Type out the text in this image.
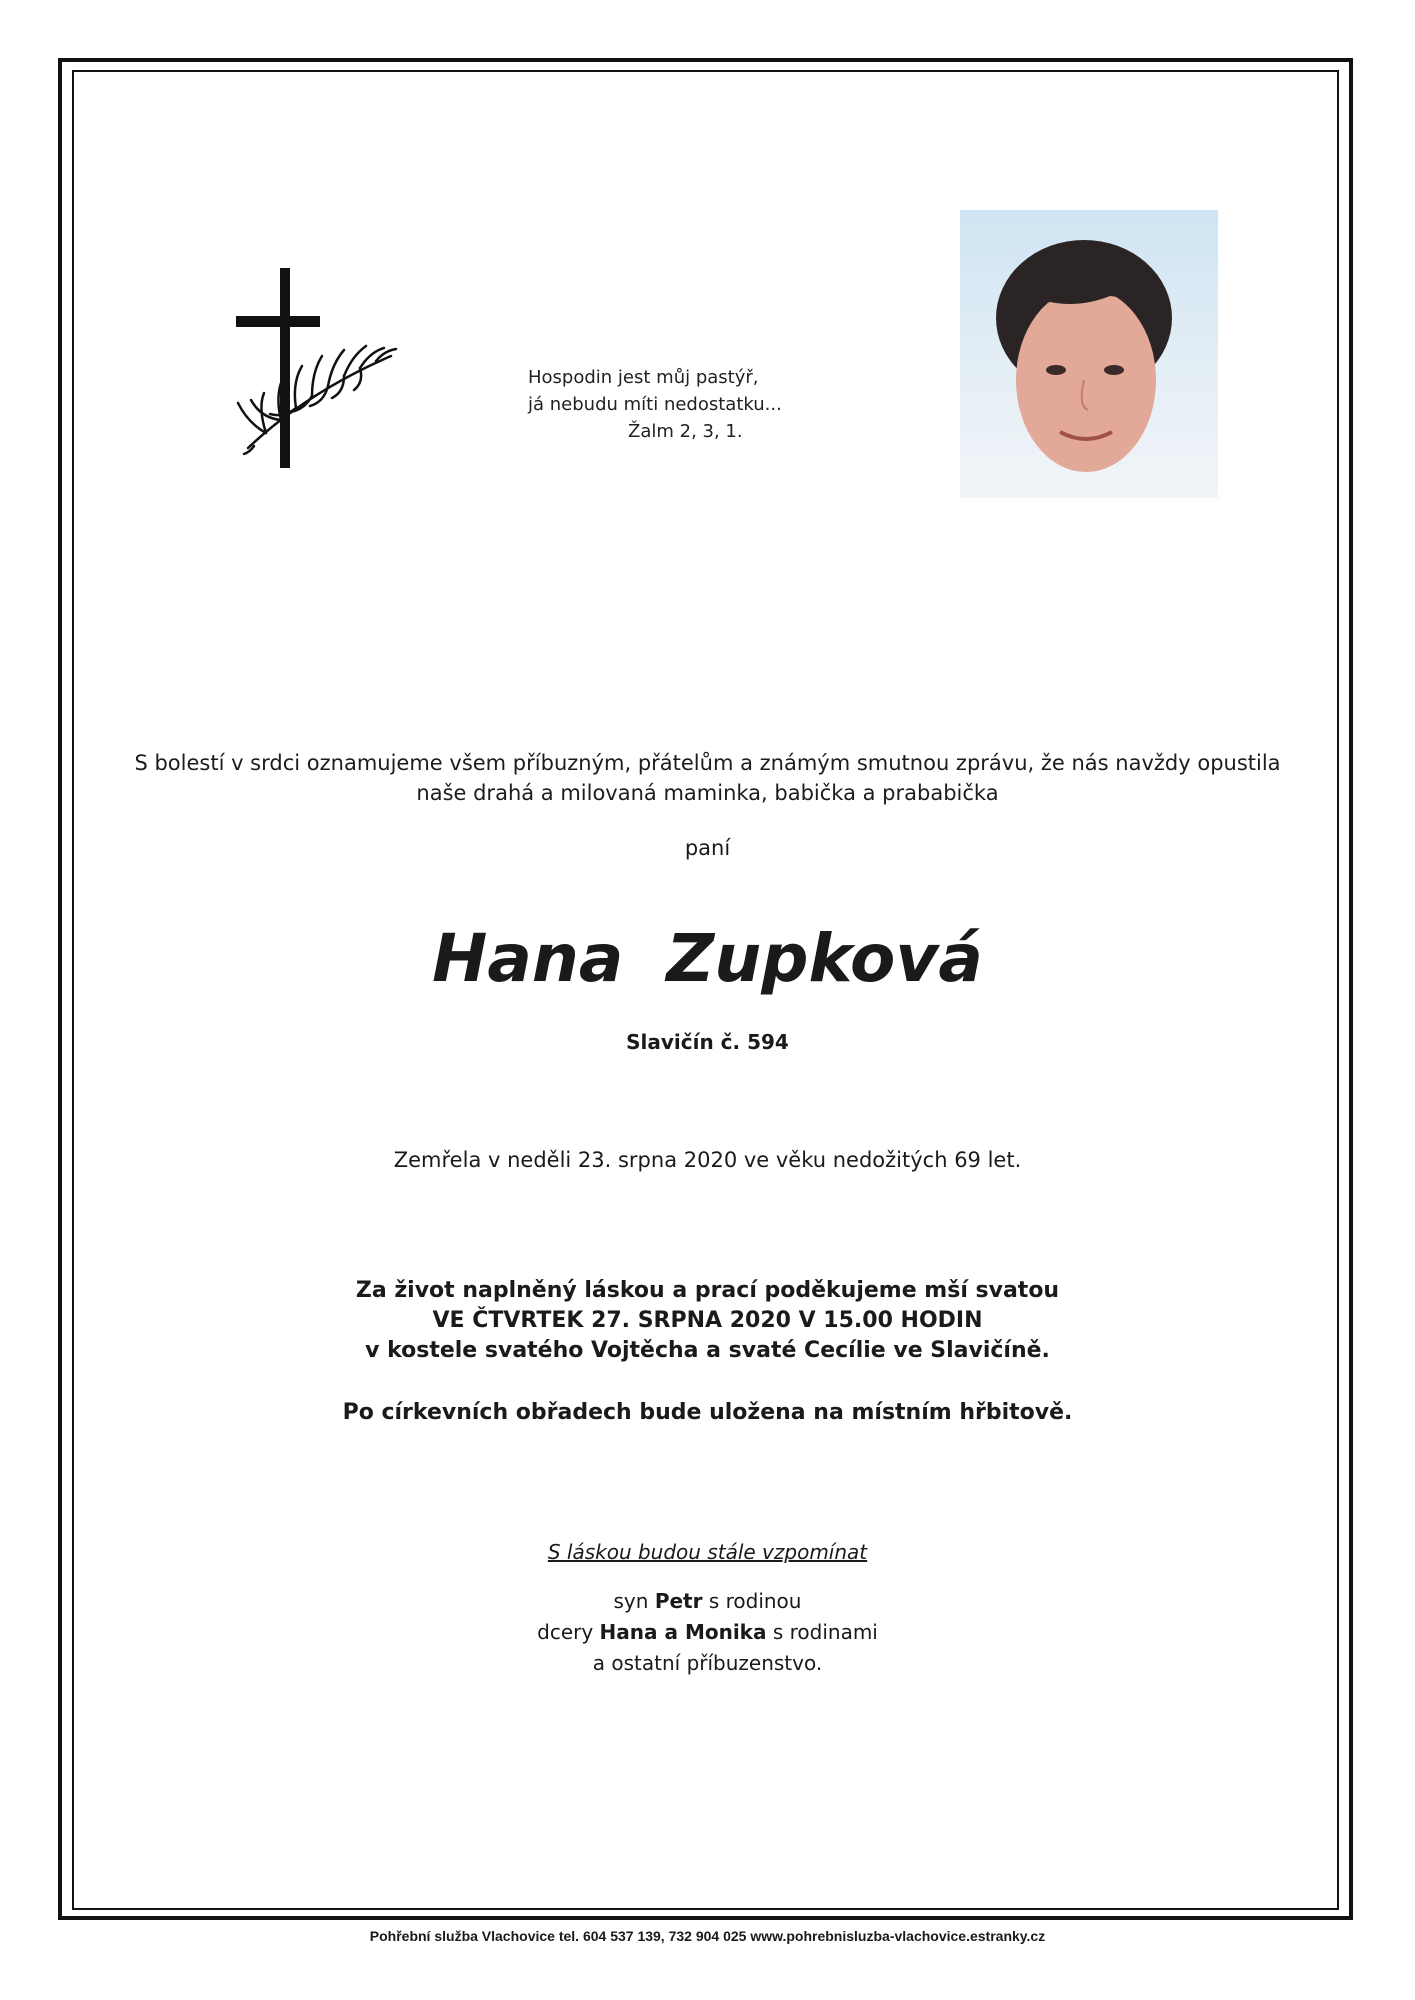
Hospodin jest můj pastýř,
já nebudu míti nedostatku...
Žalm 2, 3, 1.
S bolestí v srdci oznamujeme všem příbuzným, přátelům a známým smutnou zprávu, že nás navždy opustila
naše drahá a milovaná maminka, babička a prababička
paní
Hana Zupková
Slavičín č. 594
Zemřela v neděli 23. srpna 2020 ve věku nedožitých 69 let.
Za život naplněný láskou a prací poděkujeme mší svatou
VE ČTVRTEK 27. SRPNA 2020 V 15.00 HODIN
v kostele svatého Vojtěcha a svaté Cecílie ve Slavičíně.
Po církevních obřadech bude uložena na místním hřbitově.
S láskou budou stále vzpomínat
syn Petr s rodinou
dcery Hana a Monika s rodinami
a ostatní příbuzenstvo.
Pohřební služba Vlachovice tel. 604 537 139, 732 904 025 www.pohrebnisluzba-vlachovice.estranky.cz
